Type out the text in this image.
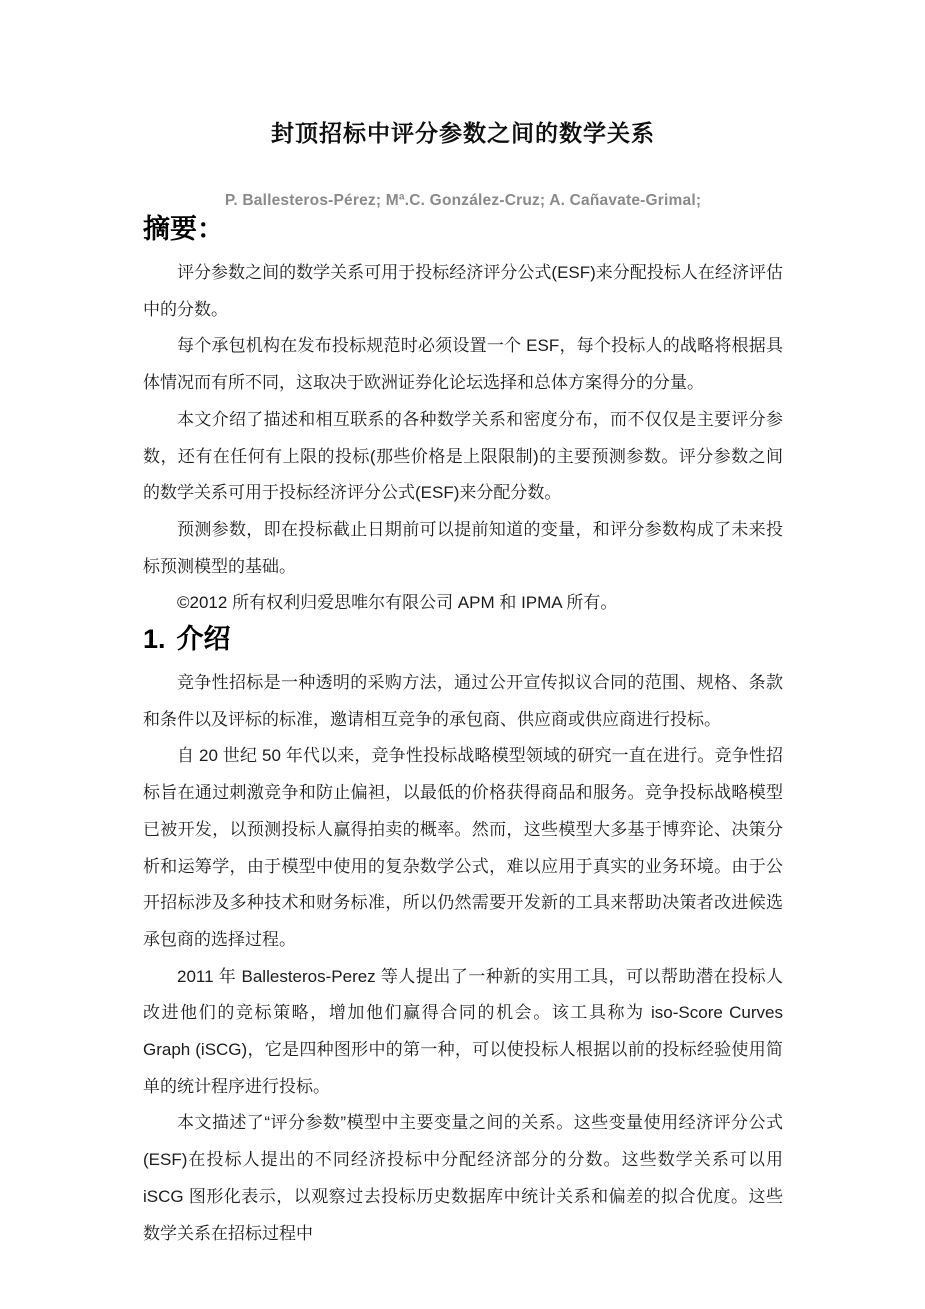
封顶招标中评分参数之间的数学关系

P. Ballesteros-Pérez; Mª.C. González-Cruz; A. Cañavate-Grimal;

摘要：

评分参数之间的数学关系可用于投标经济评分公式(ESF)来分配投标人在经济评估中的分数。

每个承包机构在发布投标规范时必须设置一个 ESF，每个投标人的战略将根据具体情况而有所不同，这取决于欧洲证券化论坛选择和总体方案得分的分量。

本文介绍了描述和相互联系的各种数学关系和密度分布，而不仅仅是主要评分参数，还有在任何有上限的投标(那些价格是上限限制)的主要预测参数。评分参数之间的数学关系可用于投标经济评分公式(ESF)来分配分数。

预测参数，即在投标截止日期前可以提前知道的变量，和评分参数构成了未来投标预测模型的基础。

©2012 所有权利归爱思唯尔有限公司 APM 和 IPMA 所有。

1. 介绍

竞争性招标是一种透明的采购方法，通过公开宣传拟议合同的范围、规格、条款和条件以及评标的标准，邀请相互竞争的承包商、供应商或供应商进行投标。

自 20 世纪 50 年代以来，竞争性投标战略模型领域的研究一直在进行。竞争性招标旨在通过刺激竞争和防止偏袒，以最低的价格获得商品和服务。竞争投标战略模型已被开发，以预测投标人赢得拍卖的概率。然而，这些模型大多基于博弈论、决策分析和运筹学，由于模型中使用的复杂数学公式，难以应用于真实的业务环境。由于公开招标涉及多种技术和财务标准，所以仍然需要开发新的工具来帮助决策者改进候选承包商的选择过程。

2011 年 Ballesteros-Perez 等人提出了一种新的实用工具，可以帮助潜在投标人改进他们的竞标策略，增加他们赢得合同的机会。该工具称为 iso-Score Curves Graph (iSCG)，它是四种图形中的第一种，可以使投标人根据以前的投标经验使用简单的统计程序进行投标。

本文描述了“评分参数”模型中主要变量之间的关系。这些变量使用经济评分公式(ESF)在投标人提出的不同经济投标中分配经济部分的分数。这些数学关系可以用 iSCG 图形化表示，以观察过去投标历史数据库中统计关系和偏差的拟合优度。这些数学关系在招标过程中
